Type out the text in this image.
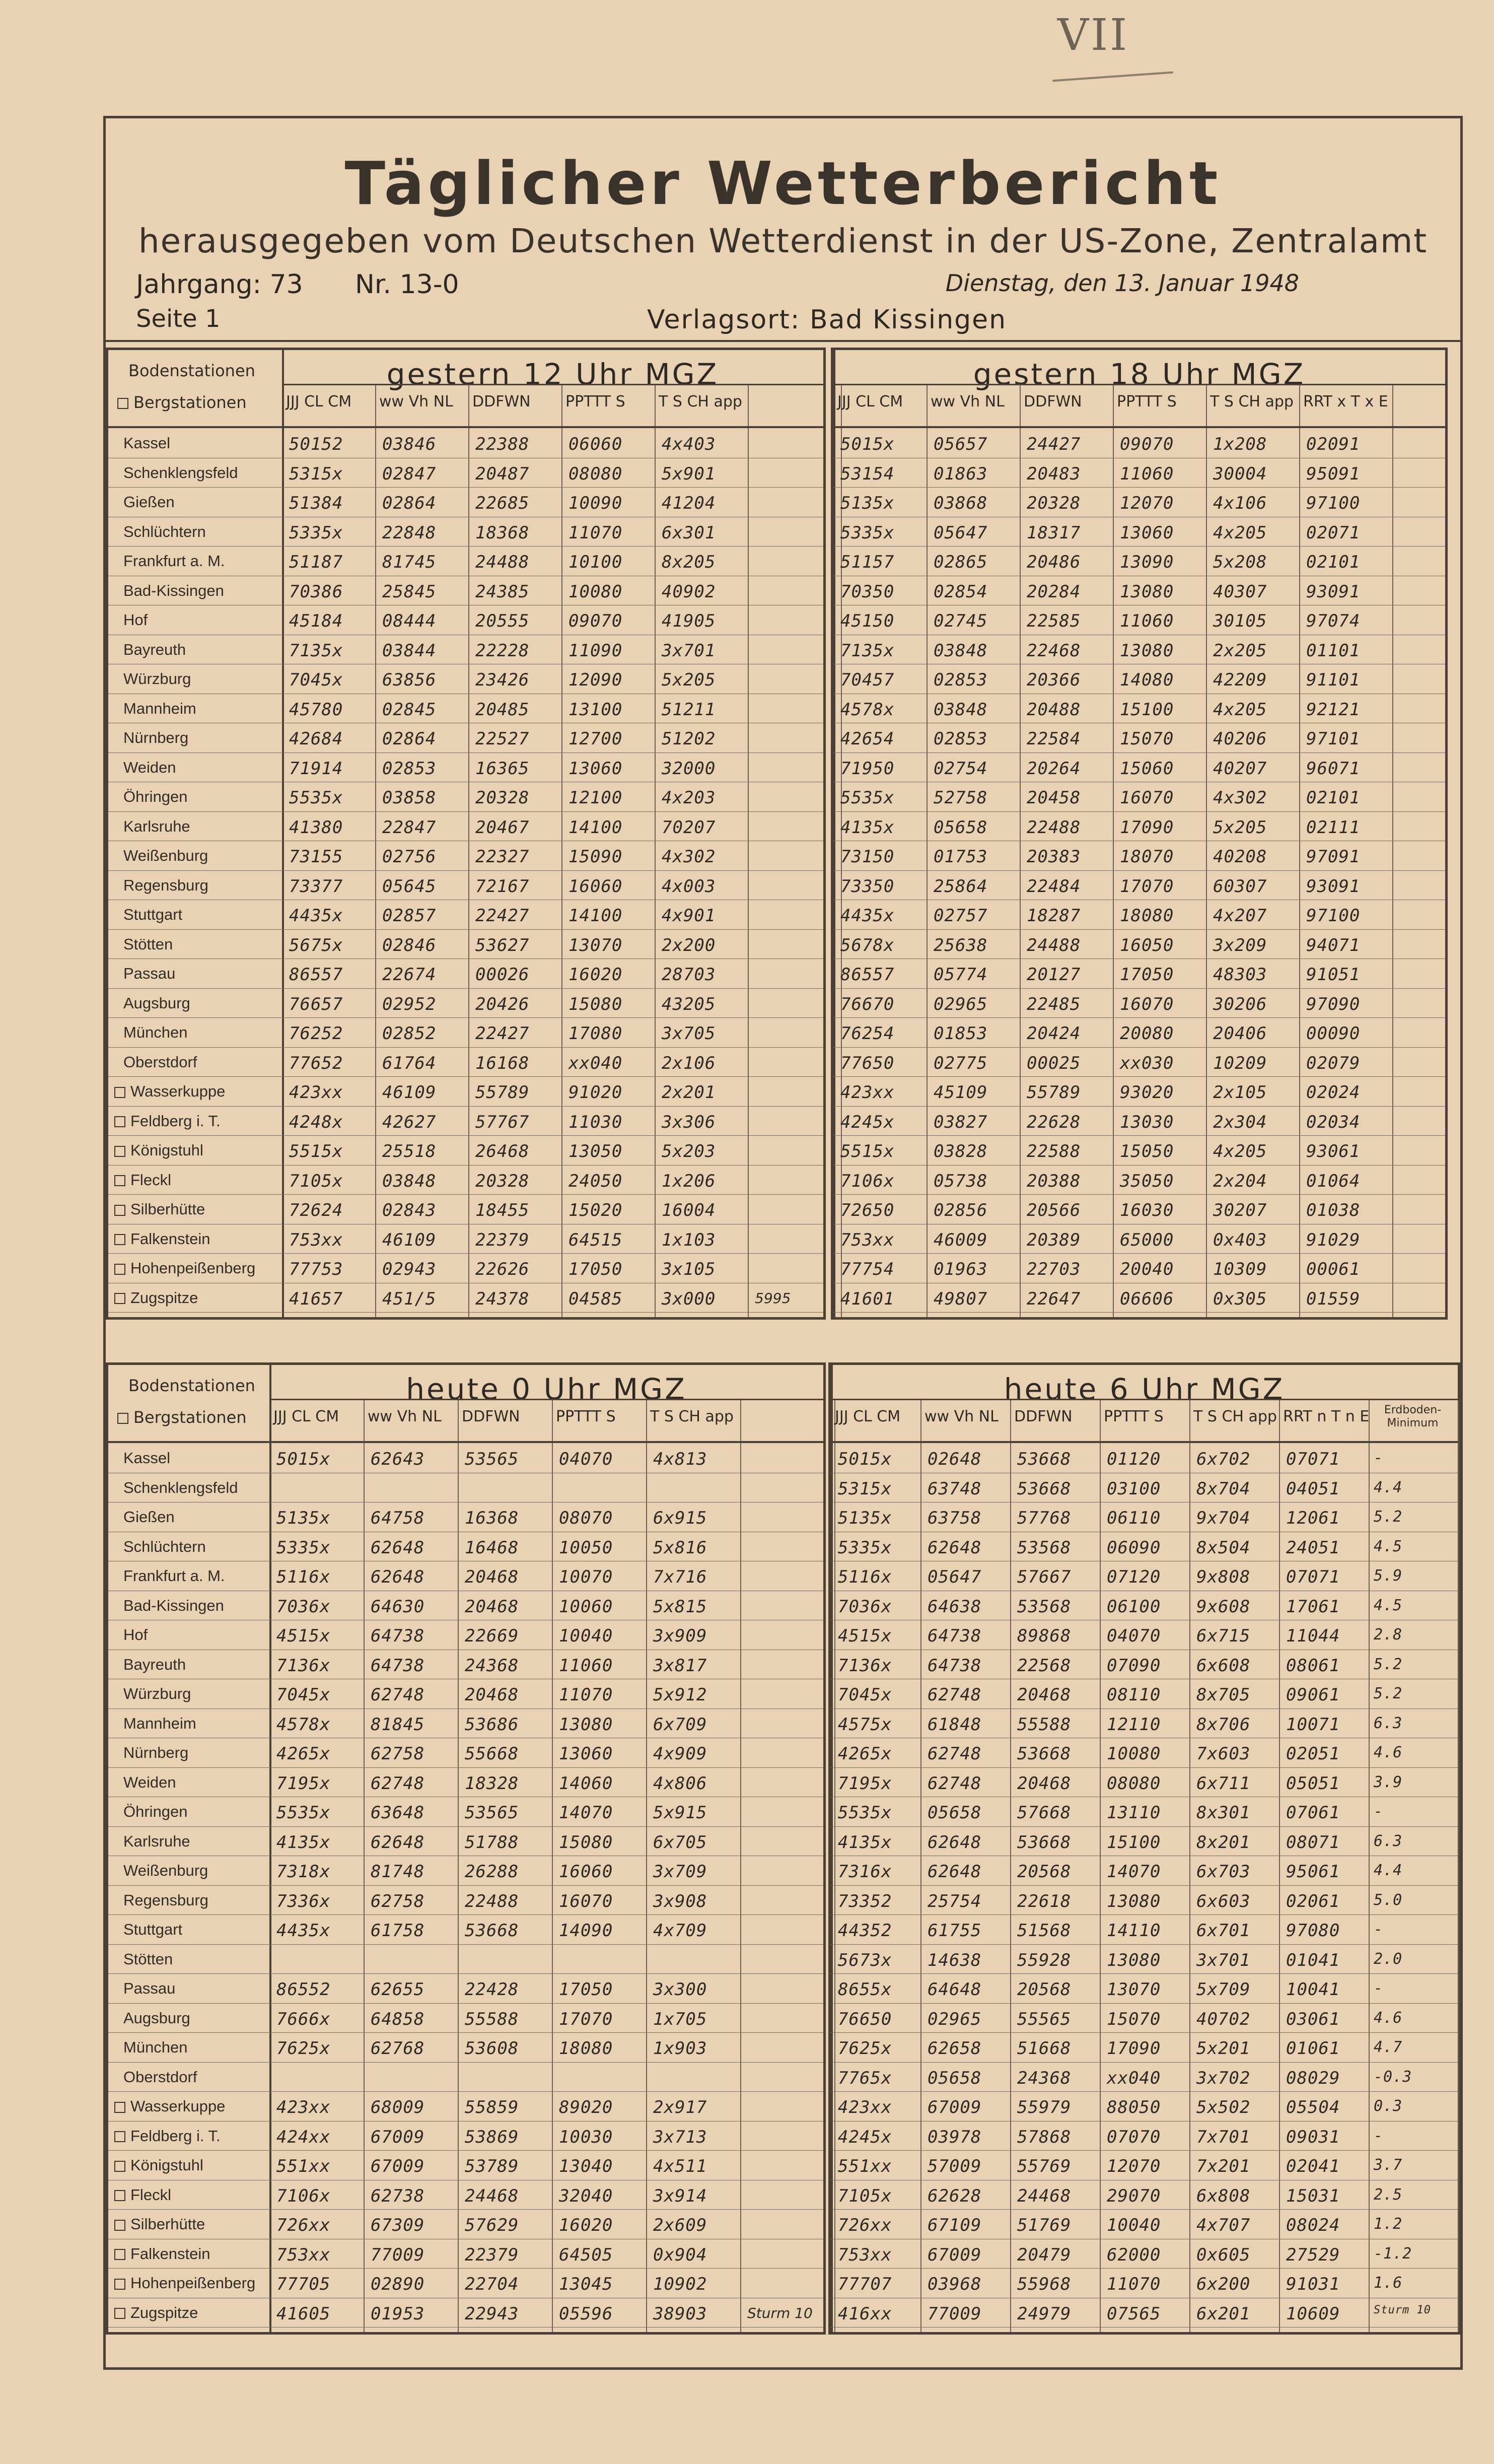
VII
Täglicher Wetterbericht
herausgegeben vom Deutschen Wetterdienst in der US-Zone, Zentralamt
Jahrgang: 73 Nr. 13-0	Dienstag, den 13. Januar 1948
Seite 1	Verlagsort: Bad Kissingen
gestern 12 Uhr MGZ
JJJ CL CM ww Vh NL DDFWN PPTTT S T S CH app
Bodenstationen
Bergstationen
Kassel	50152 03846 22388 06060 4x403
Schenklengsfeld	5315x 02847 20487 08080 5x901
Gießen	51384 02864 22685 10090 41204
Schlüchtern	5335x 22848 18368 11070 6x301
Frankfurt a. M.	51187 81745 24488 10100 8x205
Bad-Kissingen	70386 25845 24385 10080 40902
Hof	45184 08444 20555 09070 41905
Bayreuth	7135x 03844 22228 11090 3x701
Würzburg	7045x 63856 23426 12090 5x205
Mannheim	45780 02845 20485 13100 51211
Nürnberg	42684 02864 22527 12700 51202
Weiden	71914 02853 16365 13060 32000
Öhringen	5535x 03858 20328 12100 4x203
Karlsruhe	41380 22847 20467 14100 70207
Weißenburg	73155 02756 22327 15090 4x302
Regensburg	73377 05645 72167 16060 4x003
Stuttgart	4435x 02857 22427 14100 4x901
Stötten	5675x 02846 53627 13070 2x200
Passau	86557 22674 00026 16020 28703
Augsburg	76657 02952 20426 15080 43205
München	76252 02852 22427 17080 3x705
Oberstdorf	77652 61764 16168 xx040 2x106
Wasserkuppe	423xx 46109 55789 91020 2x201
Feldberg i. T.	4248x 42627 57767 11030 3x306
Königstuhl	5515x 25518 26468 13050 5x203
Fleckl	7105x 03848 20328 24050 1x206
Silberhütte	72624 02843 18455 15020 16004
Falkenstein	753xx 46109 22379 64515 1x103
Hohenpeißenberg 77753 02943 22626 17050 3x105
Zugspitze	41657 451/5 24378 04585 3x000	5995
gestern 18 Uhr MGZ
JJJ CL CM ww Vh NL DDFWN PPTTT S T S CH app RRT x T x E
5015x 05657 24427 09070 1x208 02091
53154 01863 20483 11060 30004 95091
5135x 03868 20328 12070 4x106 97100
5335x 05647 18317 13060 4x205 02071
51157 02865 20486 13090 5x208 02101
70350 02854 20284 13080 40307 93091
45150 02745 22585 11060 30105 97074
7135x 03848 22468 13080 2x205 01101
70457 02853 20366 14080 42209 91101
4578x 03848 20488 15100 4x205 92121
42654 02853 22584 15070 40206 97101
71950 02754 20264 15060 40207 96071
5535x 52758 20458 16070 4x302 02101
4135x 05658 22488 17090 5x205 02111
73150 01753 20383 18070 40208 97091
73350 25864 22484 17070 60307 93091
4435x 02757 18287 18080 4x207 97100
5678x 25638 24488 16050 3x209 94071
86557 05774 20127 17050 48303 91051
76670 02965 22485 16070 30206 97090
76254 01853 20424 20080 20406 00090
77650 02775 00025 xx030 10209 02079
423xx 45109 55789 93020 2x105 02024
4245x 03827 22628 13030 2x304 02034
5515x 03828 22588 15050 4x205 93061
7106x 05738 20388 35050 2x204 01064
72650 02856 20566 16030 30207 01038
753xx 46009 20389 65000 0x403 91029
77754 01963 22703 20040 10309 00061
41601 49807 22647 06606 0x305 01559
heute 0 Uhr MGZ
JJJ CL CM ww Vh NL DDFWN PPTTT S T S CH app
Bodenstationen
Bergstationen
Kassel	5015x 62643 53565 04070 4x813
Schenklengsfeld
Gießen	5135x 64758 16368 08070 6x915
Schlüchtern	5335x 62648 16468 10050 5x816
Frankfurt a. M.	5116x 62648 20468 10070 7x716
Bad-Kissingen	7036x 64630 20468 10060 5x815
Hof	4515x 64738 22669 10040 3x909
Bayreuth	7136x 64738 24368 11060 3x817
Würzburg	7045x 62748 20468 11070 5x912
Mannheim	4578x 81845 53686 13080 6x709
Nürnberg	4265x 62758 55668 13060 4x909
Weiden	7195x 62748 18328 14060 4x806
Öhringen	5535x 63648 53565 14070 5x915
Karlsruhe	4135x 62648 51788 15080 6x705
Weißenburg	7318x 81748 26288 16060 3x709
Regensburg	7336x 62758 22488 16070 3x908
Stuttgart	4435x 61758 53668 14090 4x709
Stötten
Passau	86552 62655 22428 17050 3x300
Augsburg	7666x 64858 55588 17070 1x705
München	7625x 62768 53608 18080 1x903
Oberstdorf
Wasserkuppe	423xx 68009 55859 89020 2x917
Feldberg i. T.	424xx 67009 53869 10030 3x713
Königstuhl	551xx 67009 53789 13040 4x511
Fleckl	7106x 62738 24468 32040 3x914
Silberhütte	726xx 67309 57629 16020 2x609
Falkenstein	753xx 77009 22379 64505 0x904
Hohenpeißenberg 77705 02890 22704 13045 10902
Zugspitze	41605 01953 22943 05596 38903	Sturm 10
heute 6 Uhr MGZ
JJJ CL CM ww Vh NL DDFWN PPTTT S T S CH app RRT n T n E	Erdboden- Minimum
5015x 02648 53668 01120 6x702 07071 -
5315x 63748 53668 03100 8x704 04051 4.4
5135x 63758 57768 06110 9x704 12061 5.2
5335x 62648 53568 06090 8x504 24051 4.5
5116x 05647 57667 07120 9x808 07071 5.9
7036x 64638 53568 06100 9x608 17061 4.5
4515x 64738 89868 04070 6x715 11044 2.8
7136x 64738 22568 07090 6x608 08061 5.2
7045x 62748 20468 08110 8x705 09061 5.2
4575x 61848 55588 12110 8x706 10071 6.3
4265x 62748 53668 10080 7x603 02051 4.6
7195x 62748 20468 08080 6x711 05051 3.9
5535x 05658 57668 13110 8x301 07061 -
4135x 62648 53668 15100 8x201 08071 6.3
7316x 62648 20568 14070 6x703 95061 4.4
73352 25754 22618 13080 6x603 02061 5.0
44352 61755 51568 14110 6x701 97080 -
5673x 14638 55928 13080 3x701 01041 2.0
8655x 64648 20568 13070 5x709 10041 -
76650 02965 55565 15070 40702 03061 4.6
7625x 62658 51668 17090 5x201 01061 4.7
7765x 05658 24368 xx040 3x702 08029 -0.3
423xx 67009 55979 88050 5x502 05504 0.3
4245x 03978 57868 07070 7x701 09031 -
551xx 57009 55769 12070 7x201 02041 3.7
7105x 62628 24468 29070 6x808 15031 2.5
726xx 67109 51769 10040 4x707 08024 1.2
753xx 67009 20479 62000 0x605 27529 -1.2
77707 03968 55968 11070 6x200 91031 1.6
416xx 77009 24979 07565 6x201 10609	Sturm 10
